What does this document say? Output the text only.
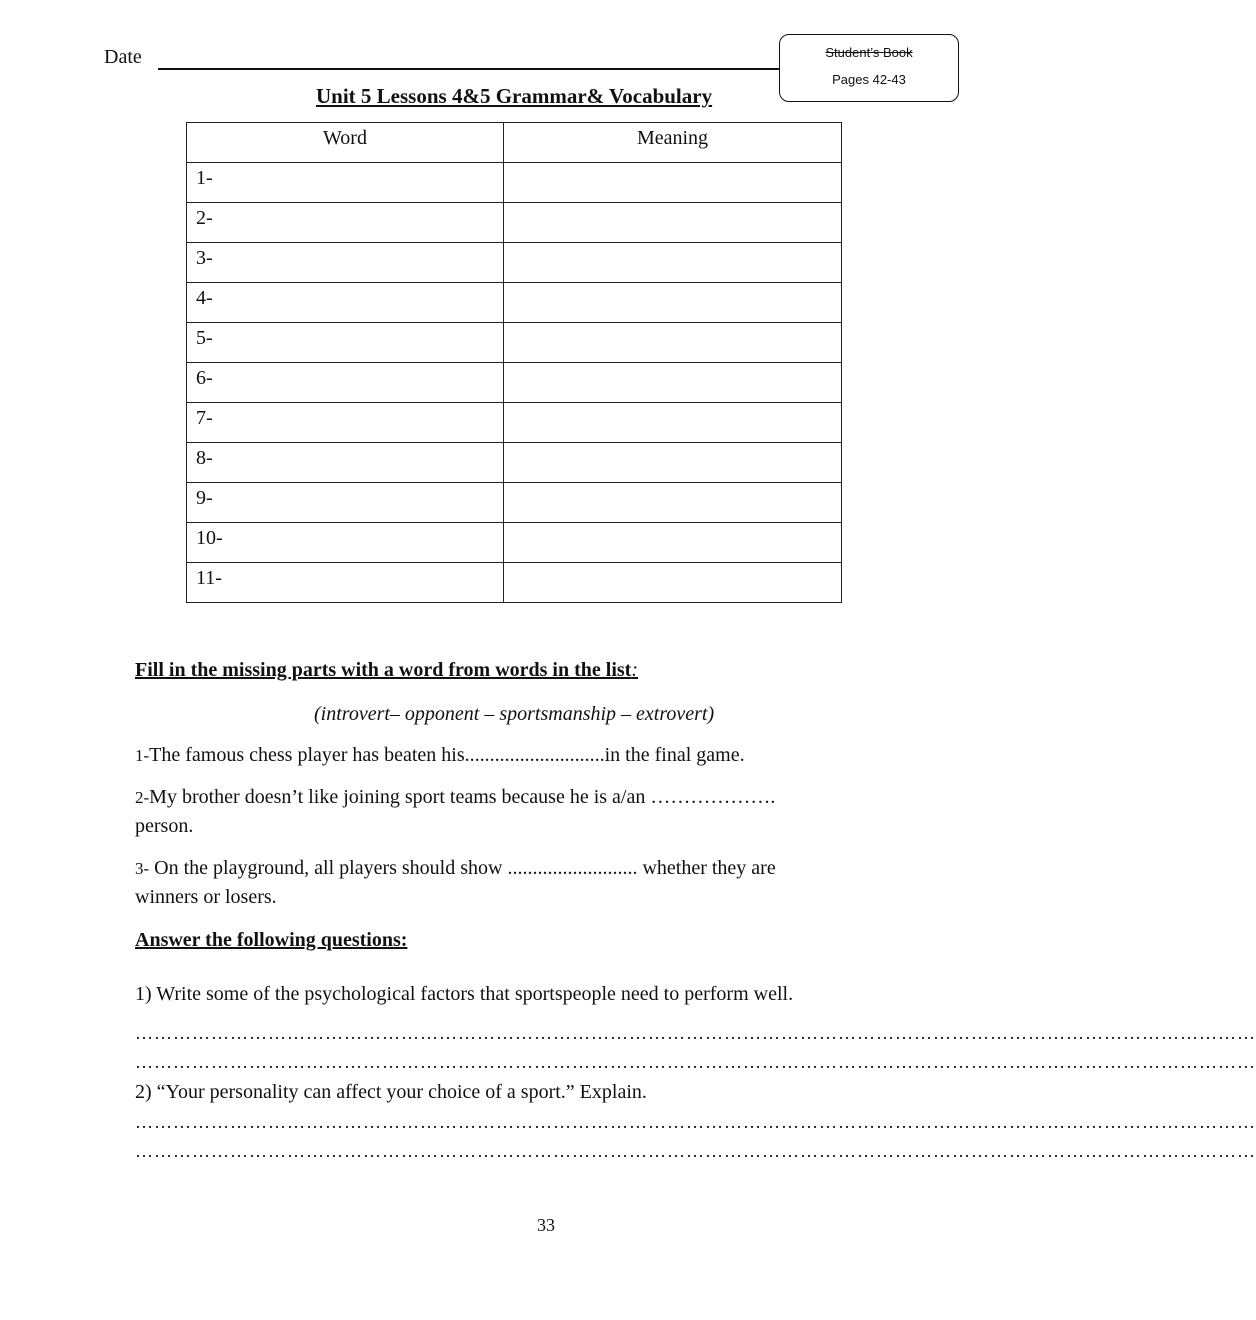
Date	Student’s Book
Pages 42-43
Unit 5 Lessons 4&5 Grammar& Vocabulary
Word	Meaning
1-	
2-	
3-	
4-	
5-	
6-	
7-	
8-	
9-	
10-	
11-	
Fill in the missing parts with a word from words in the list:
(introvert– opponent – sportsmanship – extrovert)
1-The famous chess player has beaten his............................in the final game.
2-My brother doesn’t like joining sport teams because he is a/an ……………….
person.
3- On the playground, all players should show .......................... whether they are
winners or losers.
Answer the following questions:
1) Write some of the psychological factors that sportspeople need to perform well.
……………………………………………………………………………………………………………………………………………………………
……………………………………………………………………………………………………………………………………………………………
2) “Your personality can affect your choice of a sport.” Explain.
……………………………………………………………………………………………………………………………………………………………
……………………………………………………………………………………………………………………………………………………………
33
